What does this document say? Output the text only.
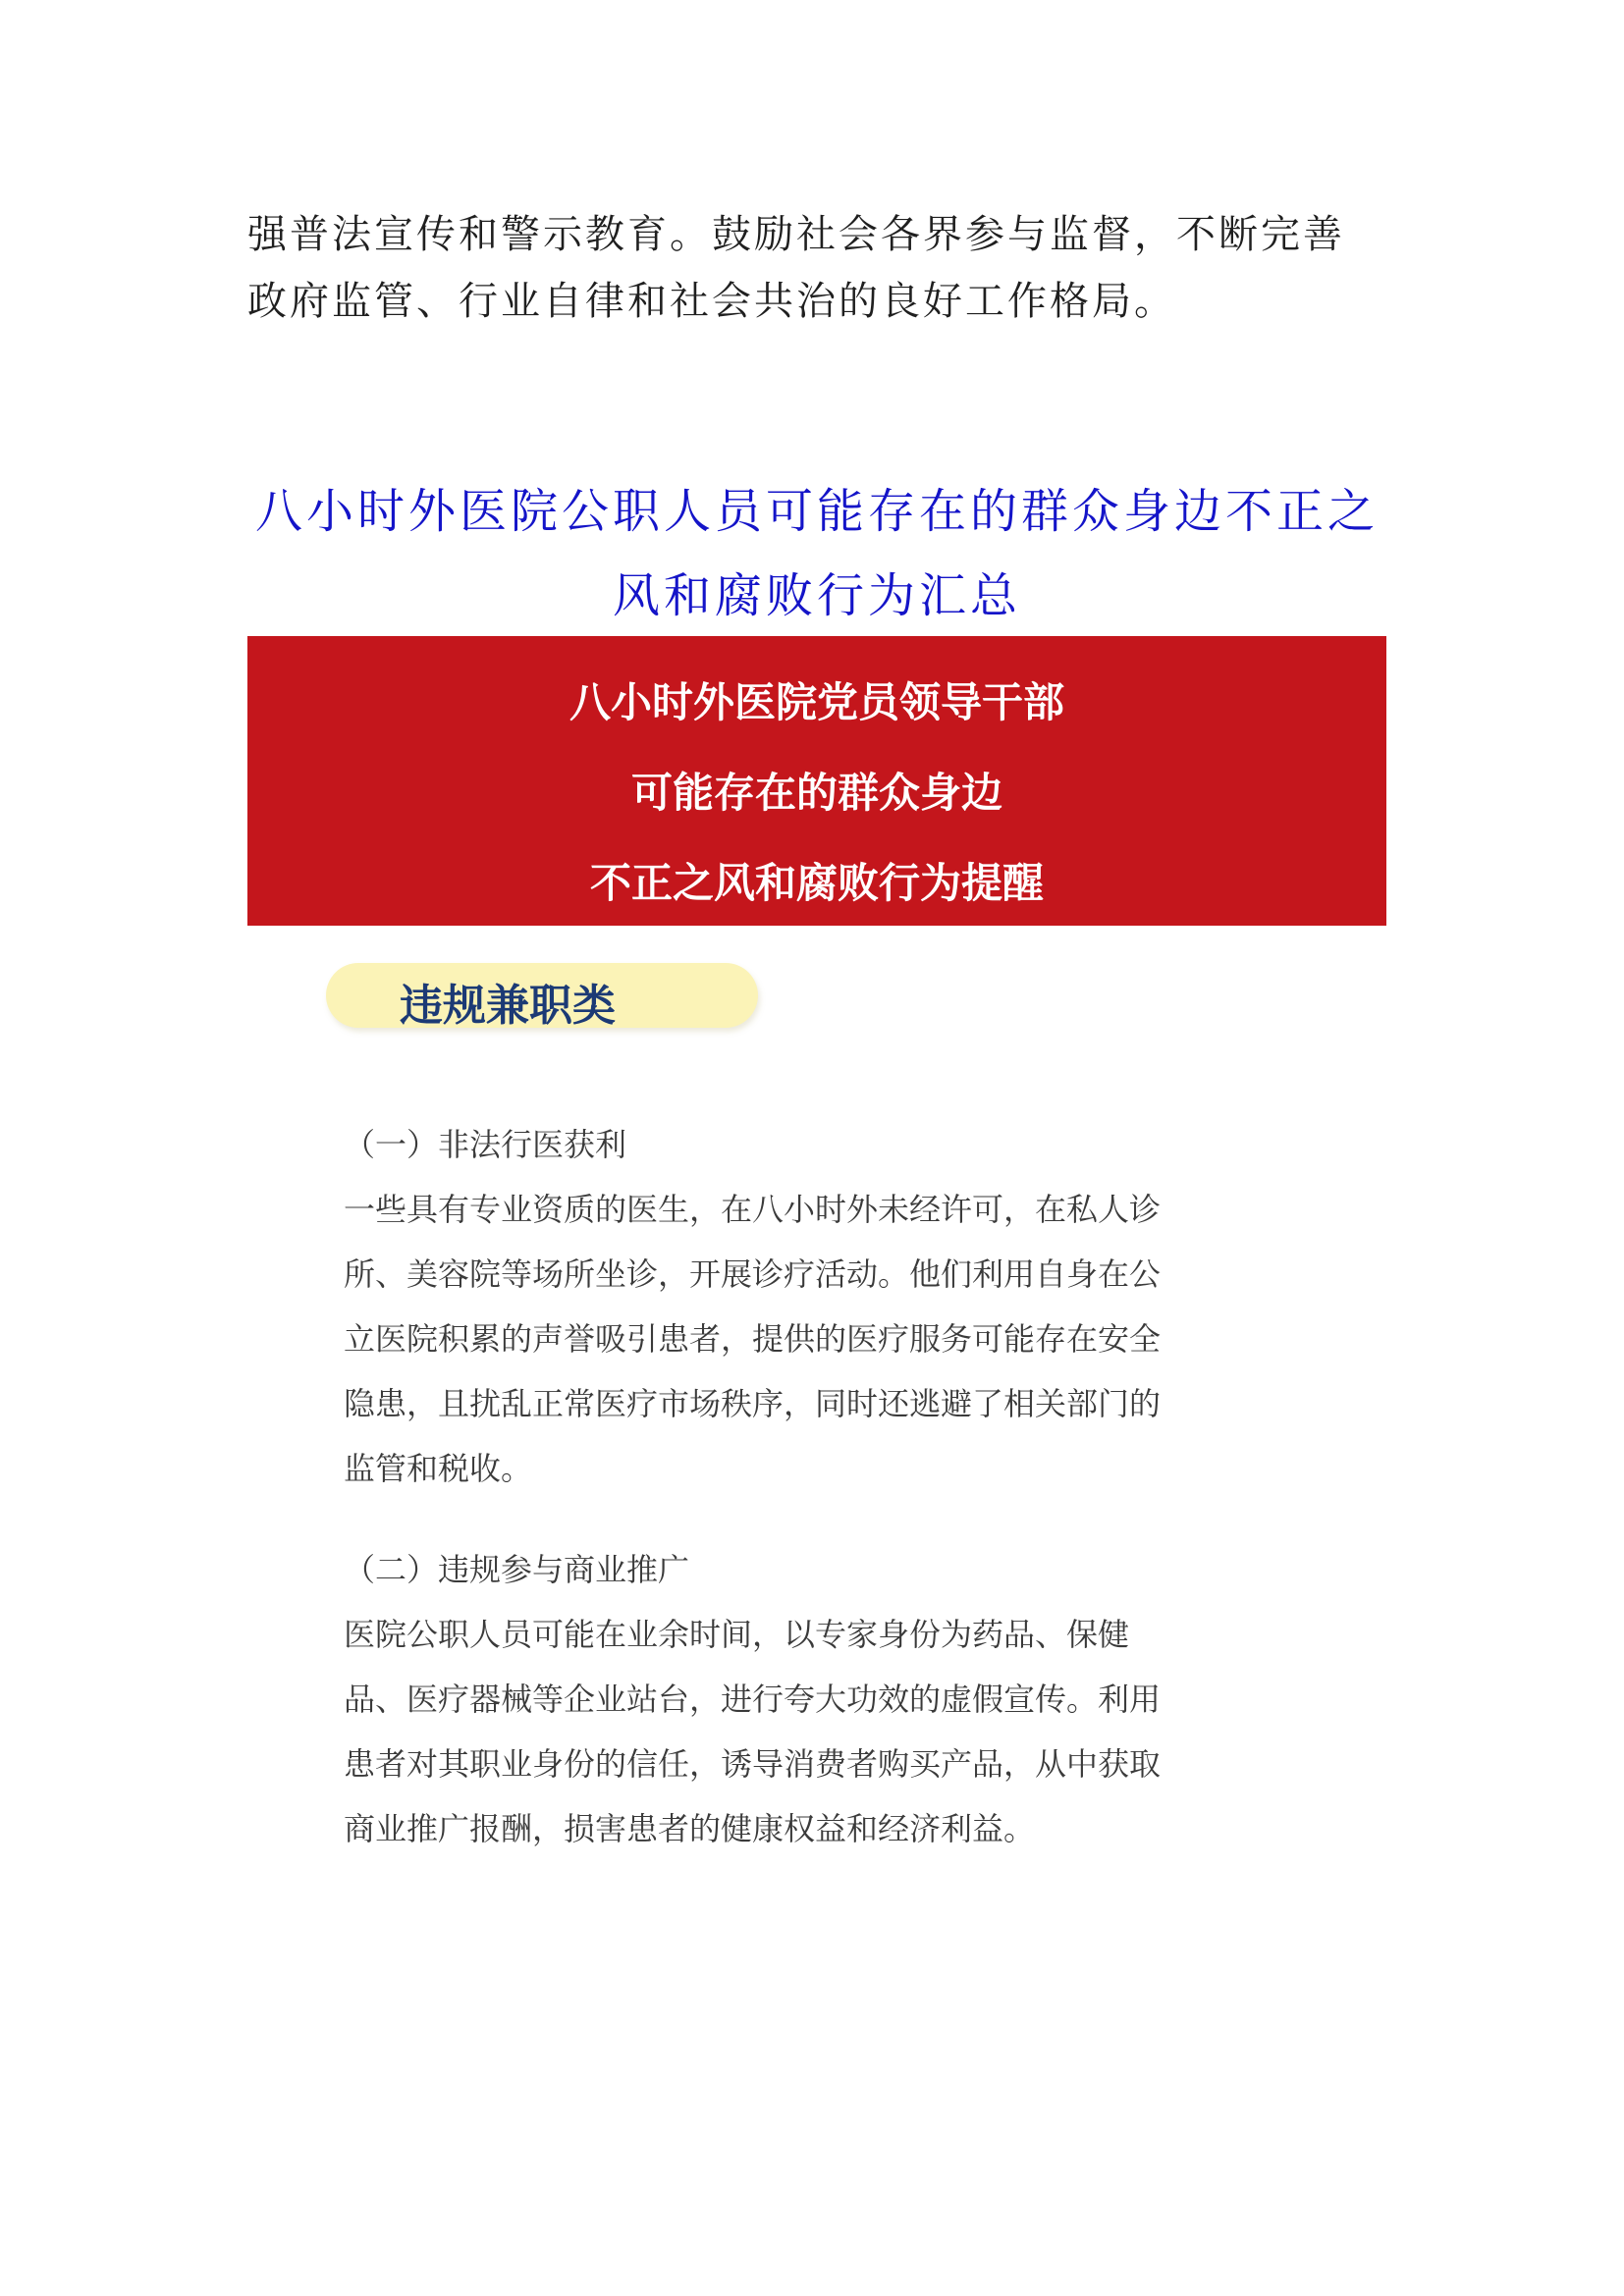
强普法宣传和警示教育。鼓励社会各界参与监督，不断完善

政府监管、行业自律和社会共治的良好工作格局。

八小时外医院公职人员可能存在的群众身边不正之
风和腐败行为汇总
八小时外医院党员领导干部
可能存在的群众身边
不正之风和腐败行为提醒
违规兼职类

（一）非法行医获利

一些具有专业资质的医生，在八小时外未经许可，在私人诊

所、美容院等场所坐诊，开展诊疗活动。他们利用自身在公

立医院积累的声誉吸引患者，提供的医疗服务可能存在安全

隐患，且扰乱正常医疗市场秩序，同时还逃避了相关部门的

监管和税收。

（二）违规参与商业推广

医院公职人员可能在业余时间，以专家身份为药品、保健

品、医疗器械等企业站台，进行夸大功效的虚假宣传。利用

患者对其职业身份的信任，诱导消费者购买产品，从中获取

商业推广报酬，损害患者的健康权益和经济利益。
